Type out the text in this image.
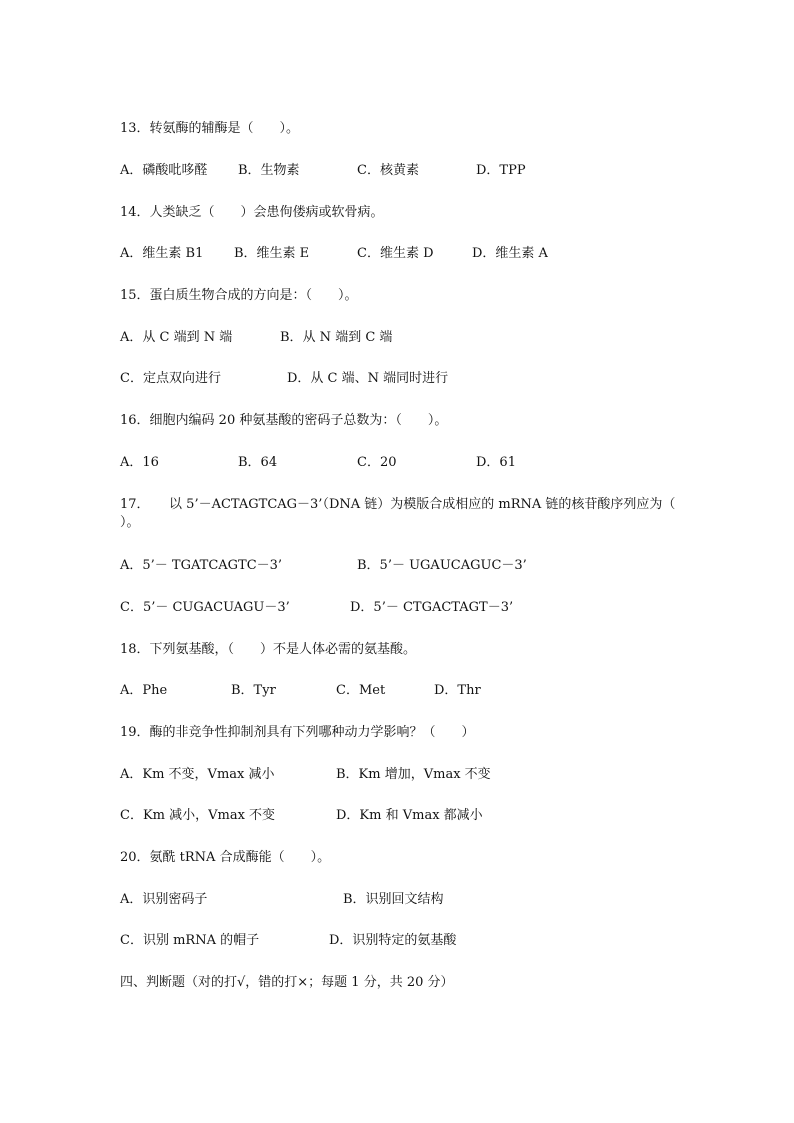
13．转氨酶的辅酶是（　　）。
A．磷酸吡哆醛 B．生物素	C．核黄素	D．TPP
14．人类缺乏（　　）会患佝偻病或软骨病。
A．维生素 B1 B．维生素 E	C．维生素 D	D．维生素 A
15．蛋白质生物合成的方向是：（　　）。
A．从 C 端到 N 端	B．从 N 端到 C 端
C．定点双向进行	D．从 C 端、N 端同时进行
16．细胞内编码 20 种氨基酸的密码子总数为：（　　）。
A．16	B．64	C．20	D．61
17．　　以 5’－ACTAGTCAG－3’（DNA 链）为模版合成相应的 mRNA 链的核苷酸序列应为（
）。
A．5’－ TGATCAGTC－3’	B．5’－ UGAUCAGUC－3’
C．5’－ CUGACUAGU－3’	D．5’－ CTGACTAGT－3’
18．下列氨基酸，（　　）不是人体必需的氨基酸。
A．Phe	B．Tyr	C．Met	D．Thr
19．酶的非竞争性抑制剂具有下列哪种动力学影响？（　　）
A．Km 不变，Vmax 减小	B．Km 增加，Vmax 不变
C．Km 减小，Vmax 不变	D．Km 和 Vmax 都减小
20．氨酰 tRNA 合成酶能（　　）。
A．识别密码子	B．识别回文结构
C．识别 mRNA 的帽子	D．识别特定的氨基酸
四、判断题（对的打√，错的打×；每题 1 分，共 20 分）
